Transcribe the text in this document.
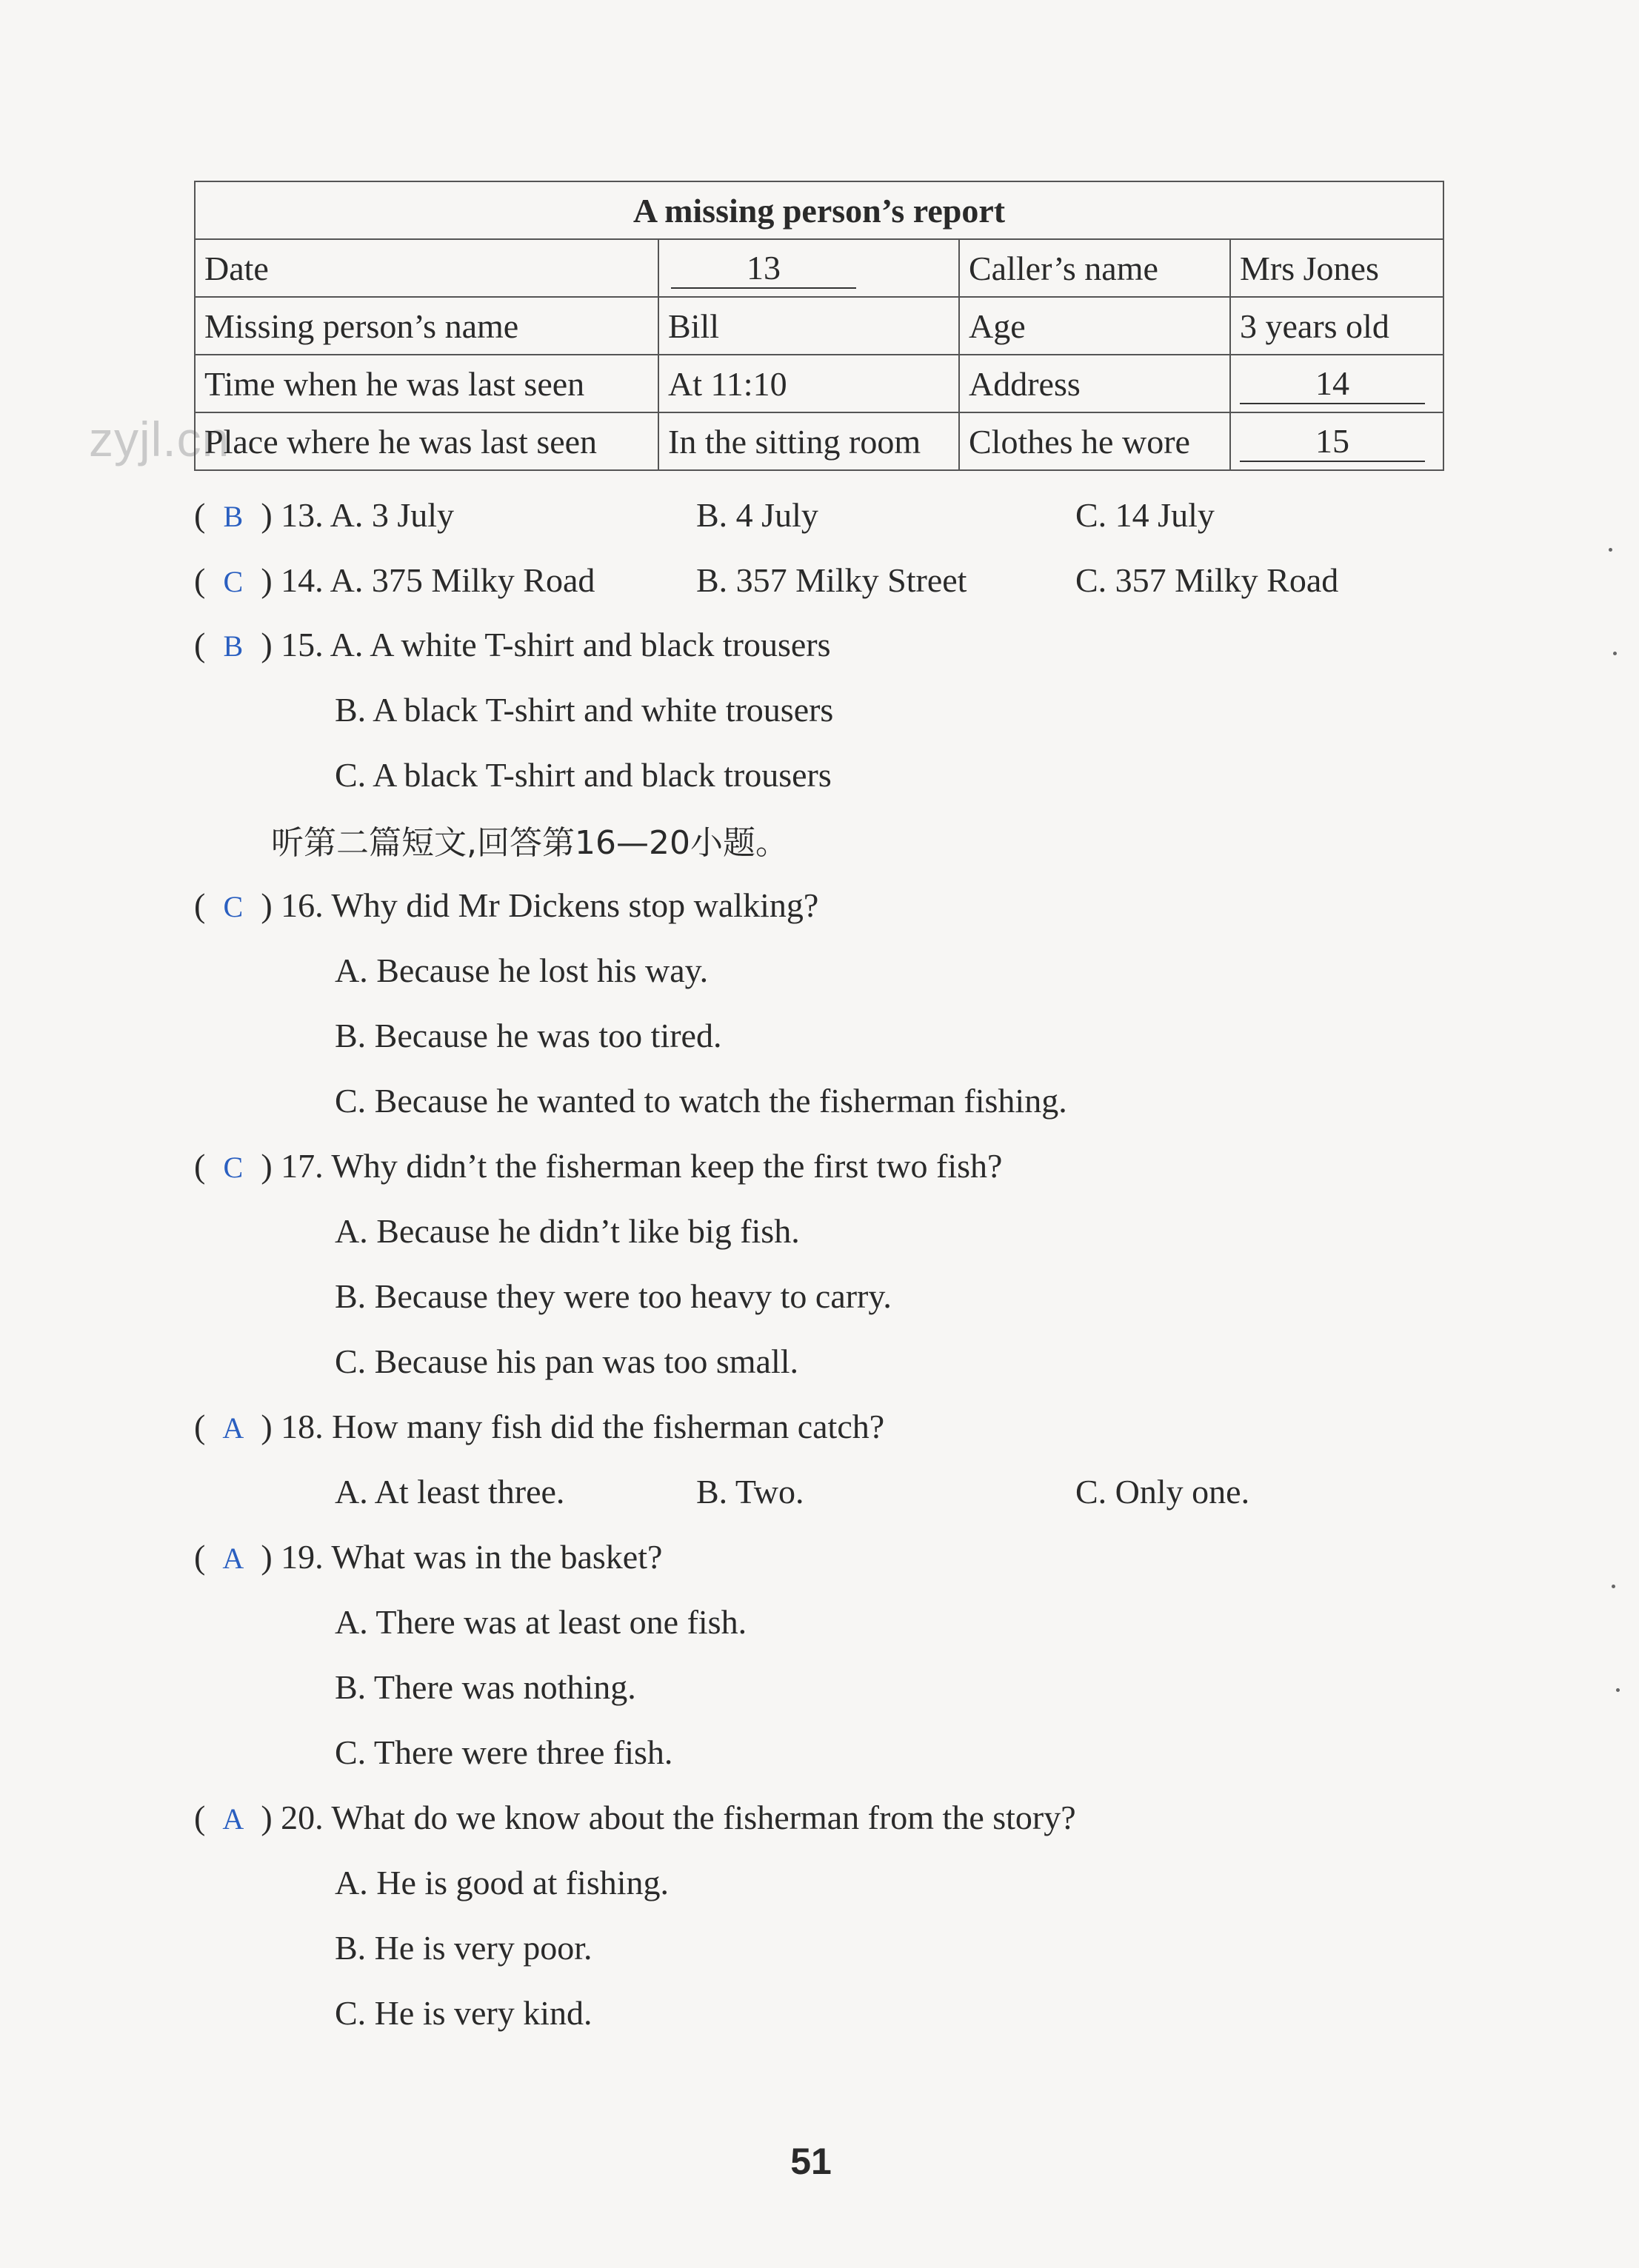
zyjl.cn
A missing person’s report			
Date	13	Caller’s name	Mrs Jones
Missing person’s name	Bill	Age	3 years old
Time when he was last seen	At 11:10	Address	14
Place where he was last seen	In the sitting room	Clothes he wore	15
( B ) 13. A. 3 July	B. 4 July	C. 14 July
( C ) 14. A. 375 Milky Road	B. 357 Milky Street	C. 357 Milky Road
( B ) 15. A. A white T-shirt and black trousers
B. A black T-shirt and white trousers
C. A black T-shirt and black trousers
听第二篇短文,回答第16—20小题。
( C ) 16. Why did Mr Dickens stop walking?
A. Because he lost his way.
B. Because he was too tired.
C. Because he wanted to watch the fisherman fishing.
( C ) 17. Why didn’t the fisherman keep the first two fish?
A. Because he didn’t like big fish.
B. Because they were too heavy to carry.
C. Because his pan was too small.
( A ) 18. How many fish did the fisherman catch?
A. At least three.	B. Two.	C. Only one.
( A ) 19. What was in the basket?
A. There was at least one fish.
B. There was nothing.
C. There were three fish.
( A ) 20. What do we know about the fisherman from the story?
A. He is good at fishing.
B. He is very poor.
C. He is very kind.
51
